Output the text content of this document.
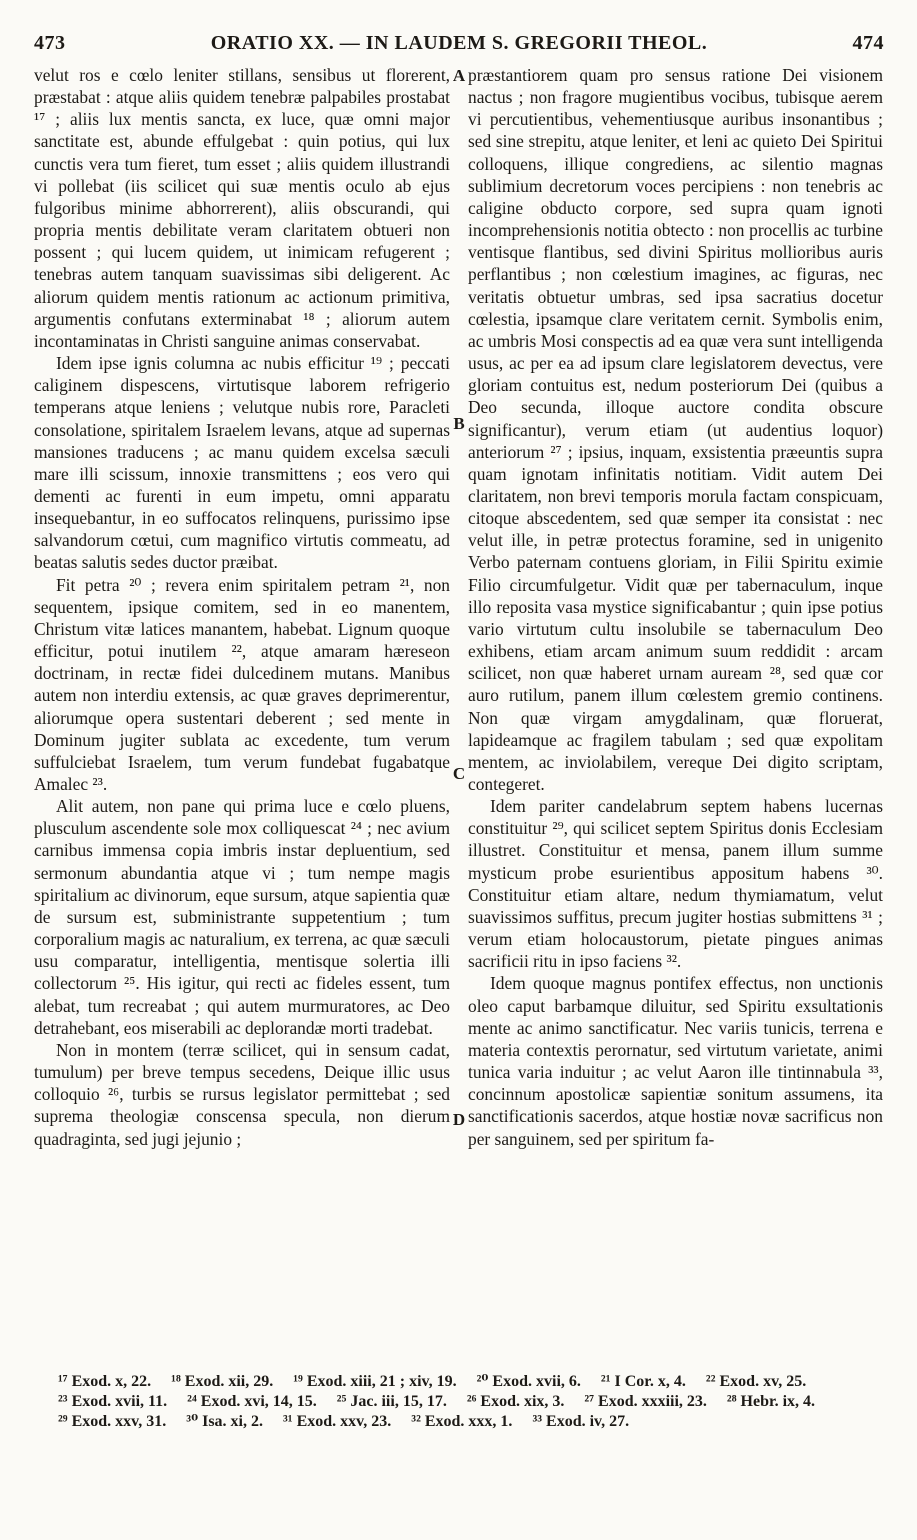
473	ORATIO XX. — IN LAUDEM S. GREGORII THEOL.	474

velut ros e cœlo leniter stillans, sensibus ut florerent, præstabat : atque aliis quidem tenebræ palpabiles prostabat ¹⁷ ; aliis lux mentis sancta, ex luce, quæ omni major sanctitate est, abunde effulgebat : quin potius, qui lux cunctis vera tum fieret, tum esset ; aliis quidem illustrandi vi pollebat (iis scilicet qui suæ mentis oculo ab ejus fulgoribus minime abhorrerent), aliis obscurandi, qui propria mentis debilitate veram claritatem obtueri non possent ; qui lucem quidem, ut inimicam refugerent ; tenebras autem tanquam suavissimas sibi deligerent. Ac aliorum quidem mentis rationum ac actionum primitiva, argumentis confutans exterminabat ¹⁸ ; aliorum autem incontaminatas in Christi sanguine animas conservabat.

Idem ipse ignis columna ac nubis efficitur ¹⁹ ; peccati caliginem dispescens, virtutisque laborem refrigerio temperans atque leniens ; velutque nubis rore, Paracleti consolatione, spiritalem Israelem levans, atque ad supernas mansiones traducens ; ac manu quidem excelsa sæculi mare illi scissum, innoxie transmittens ; eos vero qui dementi ac furenti in eum impetu, omni apparatu insequebantur, in eo suffocatos relinquens, purissimo ipse salvandorum cœtui, cum magnifico virtutis commeatu, ad beatas salutis sedes ductor præibat.

Fit petra ²⁰ ; revera enim spiritalem petram ²¹, non sequentem, ipsique comitem, sed in eo manentem, Christum vitæ latices manantem, habebat. Lignum quoque efficitur, potui inutilem ²², atque amaram hæreseon doctrinam, in rectæ fidei dulcedinem mutans. Manibus autem non interdiu extensis, ac quæ graves deprimerentur, aliorumque opera sustentari deberent ; sed mente in Dominum jugiter sublata ac excedente, tum verum suffulciebat Israelem, tum verum fundebat fugabatque Amalec ²³.

Alit autem, non pane qui prima luce e cœlo pluens, plusculum ascendente sole mox colliquescat ²⁴ ; nec avium carnibus immensa copia imbris instar depluentium, sed sermonum abundantia atque vi ; tum nempe magis spiritalium ac divinorum, eque sursum, atque sapientia quæ de sursum est, subministrante suppetentium ; tum corporalium magis ac naturalium, ex terrena, ac quæ sæculi usu comparatur, intelligentia, mentisque solertia illi collectorum ²⁵. His igitur, qui recti ac fideles essent, tum alebat, tum recreabat ; qui autem murmuratores, ac Deo detrahebant, eos miserabili ac deplorandæ morti tradebat.

Non in montem (terræ scilicet, qui in sensum cadat, tumulum) per breve tempus secedens, Deique illic usus colloquio ²⁶, turbis se rursus legislator permittebat ; sed suprema theologiæ conscensa specula, non dierum quadraginta, sed jugi jejunio ;

A
B
C
D

præstantiorem quam pro sensus ratione Dei visionem nactus ; non fragore mugientibus vocibus, tubisque aerem vi percutientibus, vehementiusque auribus insonantibus ; sed sine strepitu, atque leniter, et leni ac quieto Dei Spiritui colloquens, illique congrediens, ac silentio magnas sublimium decretorum voces percipiens : non tenebris ac caligine obducto corpore, sed supra quam ignoti incomprehensionis notitia obtecto : non procellis ac turbine ventisque flantibus, sed divini Spiritus mollioribus auris perflantibus ; non cœlestium imagines, ac figuras, nec veritatis obtuetur umbras, sed ipsa sacratius docetur cœlestia, ipsamque clare veritatem cernit. Symbolis enim, ac umbris Mosi conspectis ad ea quæ vera sunt intelligenda usus, ac per ea ad ipsum clare legislatorem devectus, vere gloriam contuitus est, nedum posteriorum Dei (quibus a Deo secunda, illoque auctore condita obscure significantur), verum etiam (ut audentius loquor) anteriorum ²⁷ ; ipsius, inquam, exsistentia præeuntis supra quam ignotam infinitatis notitiam. Vidit autem Dei claritatem, non brevi temporis morula factam conspicuam, citoque abscedentem, sed quæ semper ita consistat : nec velut ille, in petræ protectus foramine, sed in unigenito Verbo paternam contuens gloriam, in Filii Spiritu eximie Filio circumfulgetur. Vidit quæ per tabernaculum, inque illo reposita vasa mystice significabantur ; quin ipse potius vario virtutum cultu insolubile se tabernaculum Deo exhibens, etiam arcam animum suum reddidit : arcam scilicet, non quæ haberet urnam auream ²⁸, sed quæ cor auro rutilum, panem illum cœlestem gremio continens. Non quæ virgam amygdalinam, quæ floruerat, lapideamque ac fragilem tabulam ; sed quæ expolitam mentem, ac inviolabilem, vereque Dei digito scriptam, contegeret.

Idem pariter candelabrum septem habens lucernas constituitur ²⁹, qui scilicet septem Spiritus donis Ecclesiam illustret. Constituitur et mensa, panem illum summe mysticum probe esurientibus appositum habens ³⁰. Constituitur etiam altare, nedum thymiamatum, velut suavissimos suffitus, precum jugiter hostias submittens ³¹ ; verum etiam holocaustorum, pietate pingues animas sacrificii ritu in ipso faciens ³².

Idem quoque magnus pontifex effectus, non unctionis oleo caput barbamque diluitur, sed Spiritu exsultationis mente ac animo sanctificatur. Nec variis tunicis, terrena e materia contextis perornatur, sed virtutum varietate, animi tunica varia induitur ; ac velut Aaron ille tintinnabula ³³, concinnum apostolicæ sapientiæ sonitum assumens, ita sanctificationis sacerdos, atque hostiæ novæ sacrificus non per sanguinem, sed per spiritum fa-

¹⁷ Exod. x, 22. ¹⁸ Exod. xii, 29. ¹⁹ Exod. xiii, 21 ; xiv, 19. ²⁰ Exod. xvii, 6. ²¹ I Cor. x, 4. ²² Exod. xv, 25. ²³ Exod. xvii, 11. ²⁴ Exod. xvi, 14, 15. ²⁵ Jac. iii, 15, 17. ²⁶ Exod. xix, 3. ²⁷ Exod. xxxiii, 23. ²⁸ Hebr. ix, 4. ²⁹ Exod. xxv, 31. ³⁰ Isa. xi, 2. ³¹ Exod. xxv, 23. ³² Exod. xxx, 1. ³³ Exod. iv, 27.
